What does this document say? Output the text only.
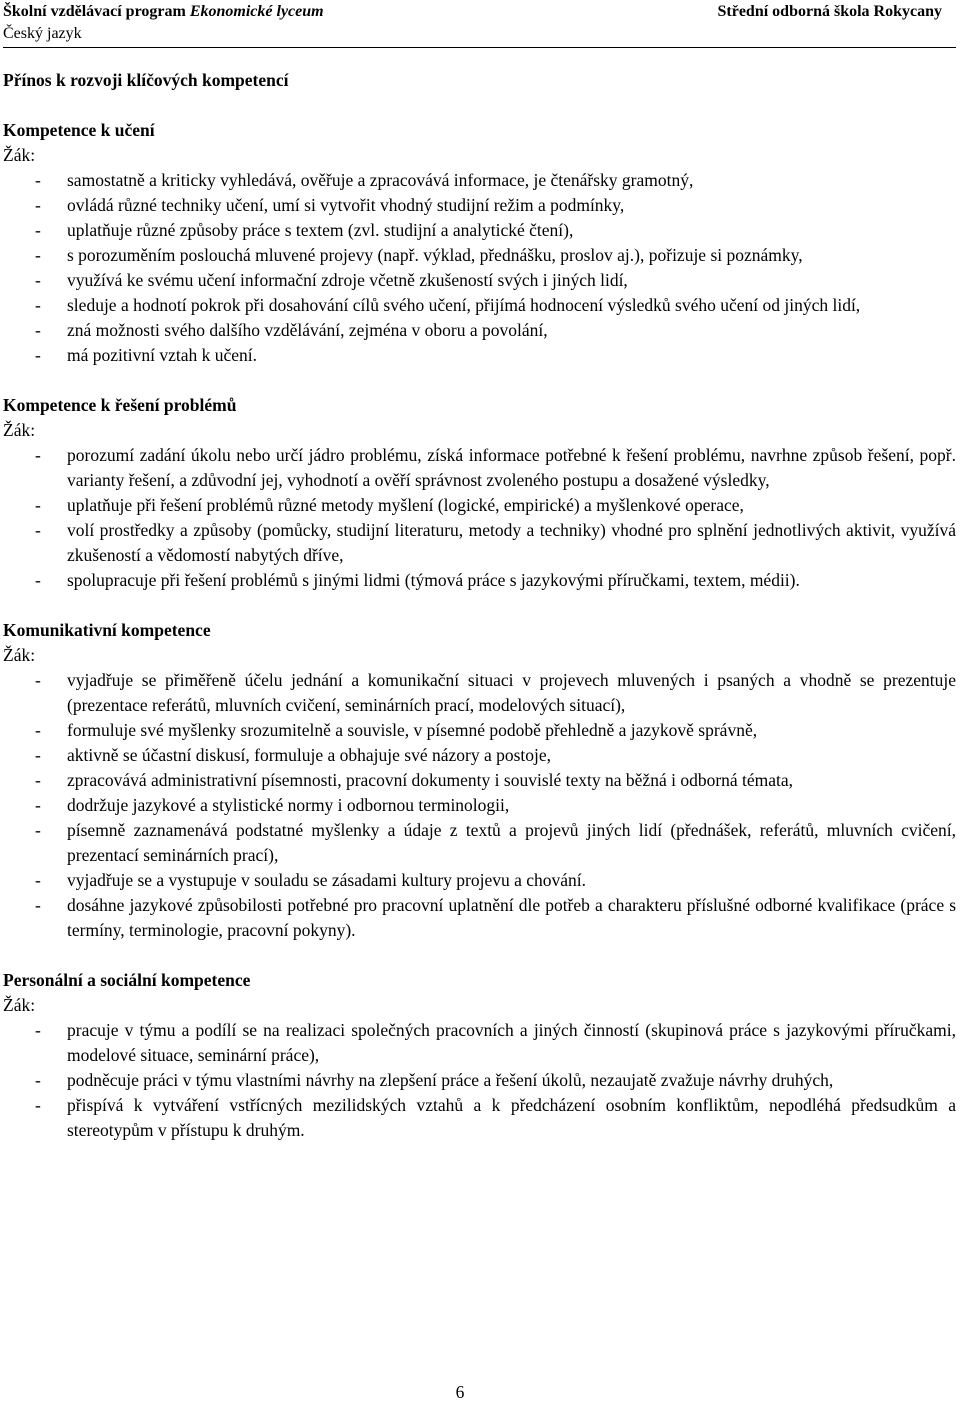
Školní vzdělávací program Ekonomické lyceum
Český jazyk
Střední odborná škola Rokycany
Přínos k rozvoji klíčových kompetencí
Kompetence k učení
Žák:
- samostatně a kriticky vyhledává, ověřuje a zpracovává informace, je čtenářsky gramotný,
- ovládá různé techniky učení, umí si vytvořit vhodný studijní režim a podmínky,
- uplatňuje různé způsoby práce s textem (zvl. studijní a analytické čtení),
- s porozuměním poslouchá mluvené projevy (např. výklad, přednášku, proslov aj.), pořizuje si poznámky,
- využívá ke svému učení informační zdroje včetně zkušeností svých i jiných lidí,
- sleduje a hodnotí pokrok při dosahování cílů svého učení, přijímá hodnocení výsledků svého učení od jiných lidí,
- zná možnosti svého dalšího vzdělávání, zejména v oboru a povolání,
- má pozitivní vztah k učení.
Kompetence k řešení problémů
Žák:
- porozumí zadání úkolu nebo určí jádro problému, získá informace potřebné k řešení problému, navrhne způsob řešení, popř. varianty řešení, a zdůvodní jej, vyhodnotí a ověří správnost zvoleného postupu a dosažené výsledky,
- uplatňuje při řešení problémů různé metody myšlení (logické, empirické) a myšlenkové operace,
- volí prostředky a způsoby (pomůcky, studijní literaturu, metody a techniky) vhodné pro splnění jednotlivých aktivit, využívá zkušeností a vědomostí nabytých dříve,
- spolupracuje při řešení problémů s jinými lidmi (týmová práce s jazykovými příručkami, textem, médii).
Komunikativní kompetence
Žák:
- vyjadřuje se přiměřeně účelu jednání a komunikační situaci v projevech mluvených i psaných a vhodně se prezentuje (prezentace referátů, mluvních cvičení, seminárních prací, modelových situací),
- formuluje své myšlenky srozumitelně a souvisle, v písemné podobě přehledně a jazykově správně,
- aktivně se účastní diskusí, formuluje a obhajuje své názory a postoje,
- zpracovává administrativní písemnosti, pracovní dokumenty i souvislé texty na běžná i odborná témata,
- dodržuje jazykové a stylistické normy i odbornou terminologii,
- písemně zaznamenává podstatné myšlenky a údaje z textů a projevů jiných lidí (přednášek, referátů, mluvních cvičení, prezentací seminárních prací),
- vyjadřuje se a vystupuje v souladu se zásadami kultury projevu a chování.
- dosáhne jazykové způsobilosti potřebné pro pracovní uplatnění dle potřeb a charakteru příslušné odborné kvalifikace (práce s termíny, terminologie, pracovní pokyny).
Personální a sociální kompetence
Žák:
- pracuje v týmu a podílí se na realizaci společných pracovních a jiných činností (skupinová práce s jazykovými příručkami, modelové situace, seminární práce),
- podněcuje práci v týmu vlastními návrhy na zlepšení práce a řešení úkolů, nezaujatě zvažuje návrhy druhých,
- přispívá k vytváření vstřícných mezilidských vztahů a k předcházení osobním konfliktům, nepodléhá předsudkům a stereotypům v přístupu k druhým.
6
